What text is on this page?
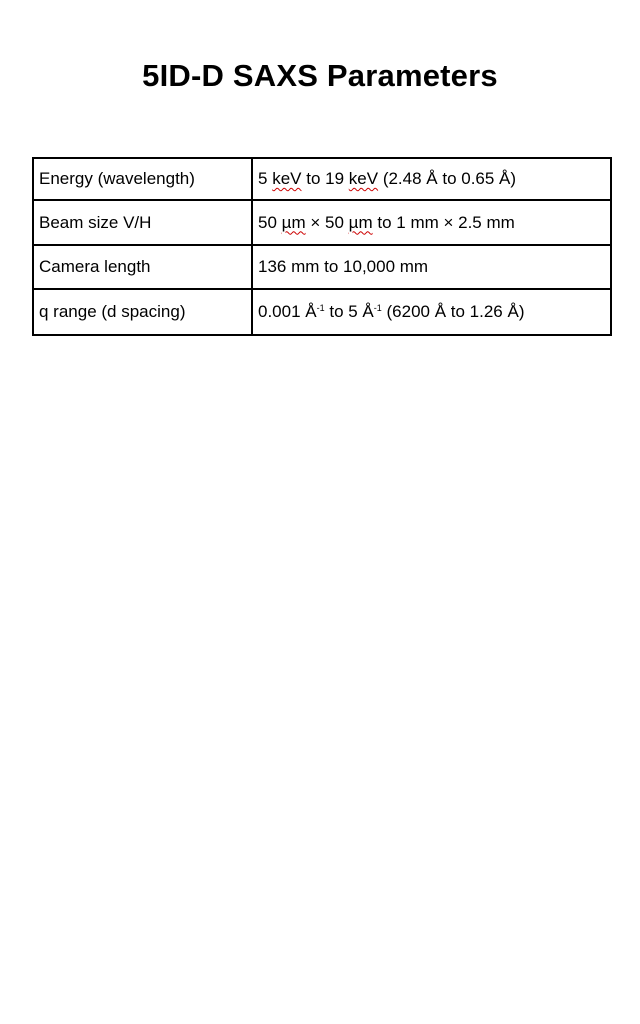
5ID-D SAXS Parameters
Energy (wavelength)	5 keV to 19 keV (2.48 Å to 0.65 Å)
Beam size V/H	50 µm × 50 µm to 1 mm × 2.5 mm
Camera length	136 mm to 10,000 mm
q range (d spacing)	0.001 $Å^{-1}$ to 5 $Å^{-1}$ (6200 Å to 1.26 Å)
